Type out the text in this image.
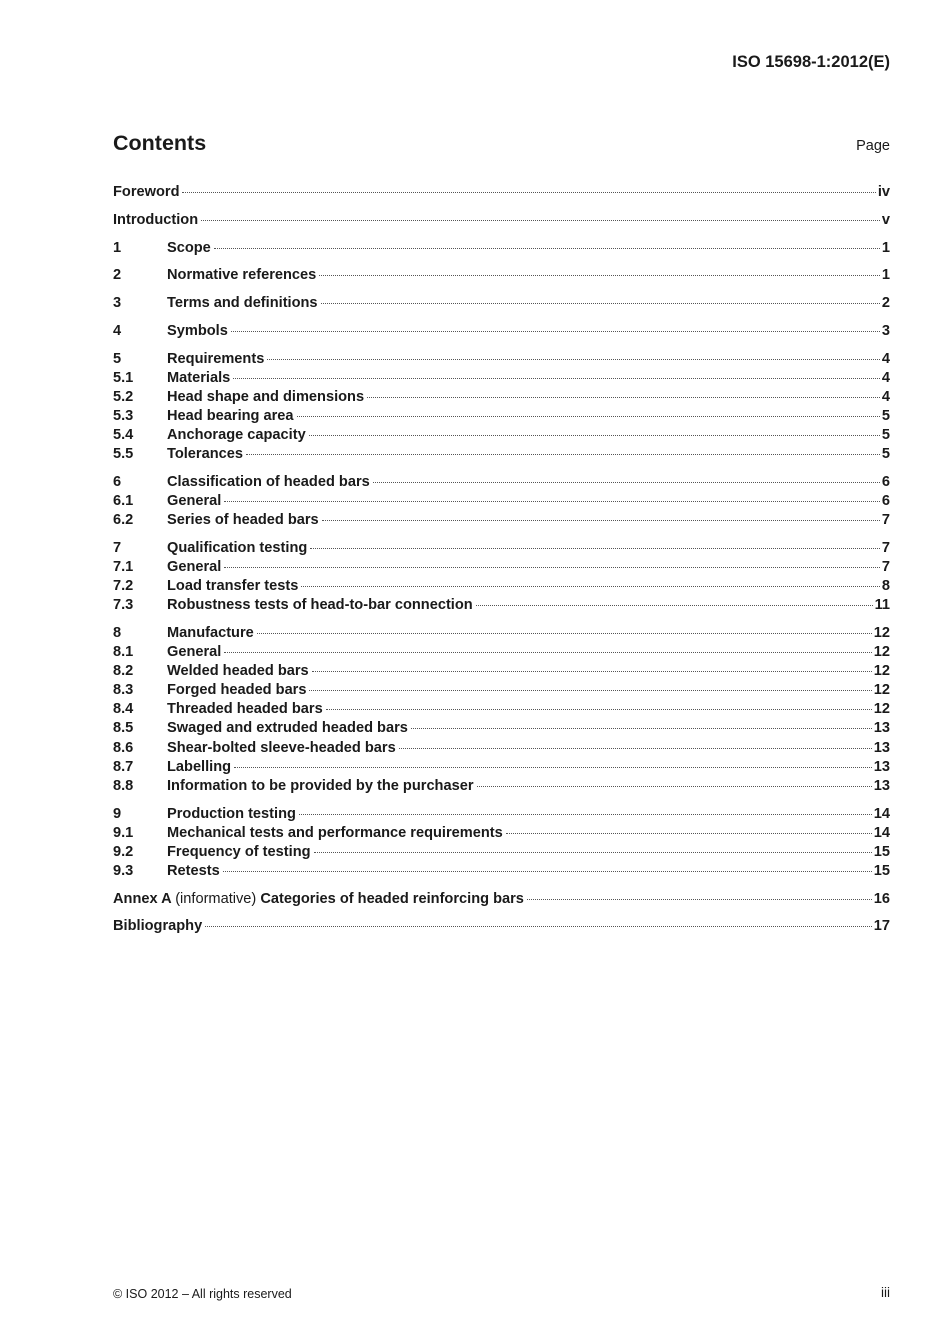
ISO 15698-1:2012(E)
Contents	Page
Foreword	iv
Introduction	v
1	Scope	1
2	Normative references	1
3	Terms and definitions	2
4	Symbols	3
5	Requirements	4
5.1	Materials	4
5.2	Head shape and dimensions	4
5.3	Head bearing area	5
5.4	Anchorage capacity	5
5.5	Tolerances	5
6	Classification of headed bars	6
6.1	General	6
6.2	Series of headed bars	7
7	Qualification testing	7
7.1	General	7
7.2	Load transfer tests	8
7.3	Robustness tests of head-to-bar connection	11
8	Manufacture	12
8.1	General	12
8.2	Welded headed bars	12
8.3	Forged headed bars	12
8.4	Threaded headed bars	12
8.5	Swaged and extruded headed bars	13
8.6	Shear-bolted sleeve-headed bars	13
8.7	Labelling	13
8.8	Information to be provided by the purchaser	13
9	Production testing	14
9.1	Mechanical tests and performance requirements	14
9.2	Frequency of testing	15
9.3	Retests	15
Annex A (informative) Categories of headed reinforcing bars	16
Bibliography	17
© ISO 2012 – All rights reserved	iii
